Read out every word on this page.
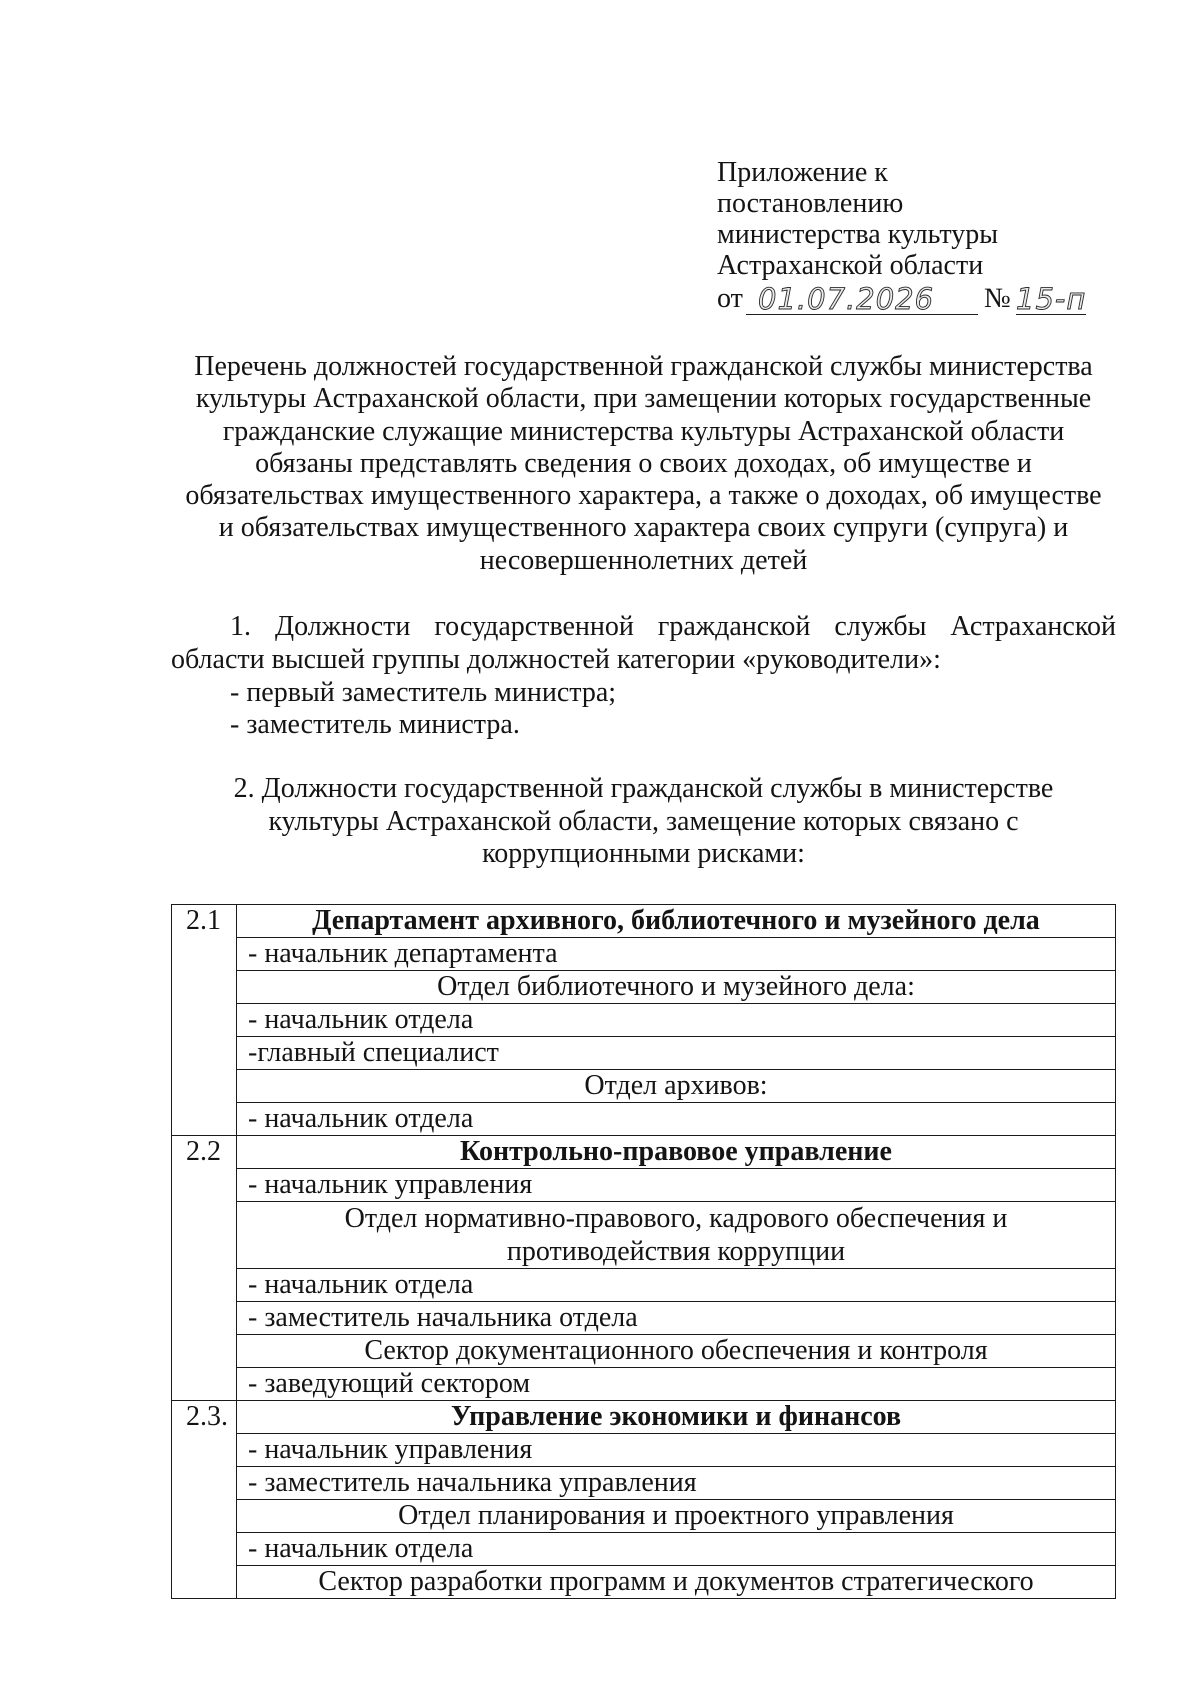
Приложение к
постановлению
министерства культуры
Астраханской области
от 01.07.2026	№ 15-п
Перечень должностей государственной гражданской службы министерства
культуры Астраханской области, при замещении которых государственные
гражданские служащие министерства культуры Астраханской области
обязаны представлять сведения о своих доходах, об имуществе и
обязательствах имущественного характера, а также о доходах, об имуществе
и обязательствах имущественного характера своих супруги (супруга) и
несовершеннолетних детей
1. Должности государственной гражданской службы Астраханской
области высшей группы должностей категории «руководители»:
- первый заместитель министра;
- заместитель министра.
2. Должности государственной гражданской службы в министерстве
культуры Астраханской области, замещение которых связано с
коррупционными рисками:
2.1	Департамент архивного, библиотечного и музейного дела
	- начальник департамента
	Отдел библиотечного и музейного дела:
	- начальник отдела
	-главный специалист
	Отдел архивов:
	- начальник отдела
2.2	Контрольно-правовое управление
	- начальник управления

	Отдел нормативно-правового, кадрового обеспечения и
противодействия коррупции

	- начальник отдела
	- заместитель начальника отдела
	Сектор документационного обеспечения и контроля
	- заведующий сектором
2.3.	Управление экономики и финансов
	- начальник управления
	- заместитель начальника управления
	Отдел планирования и проектного управления
	- начальник отдела
	Сектор разработки программ и документов стратегического
